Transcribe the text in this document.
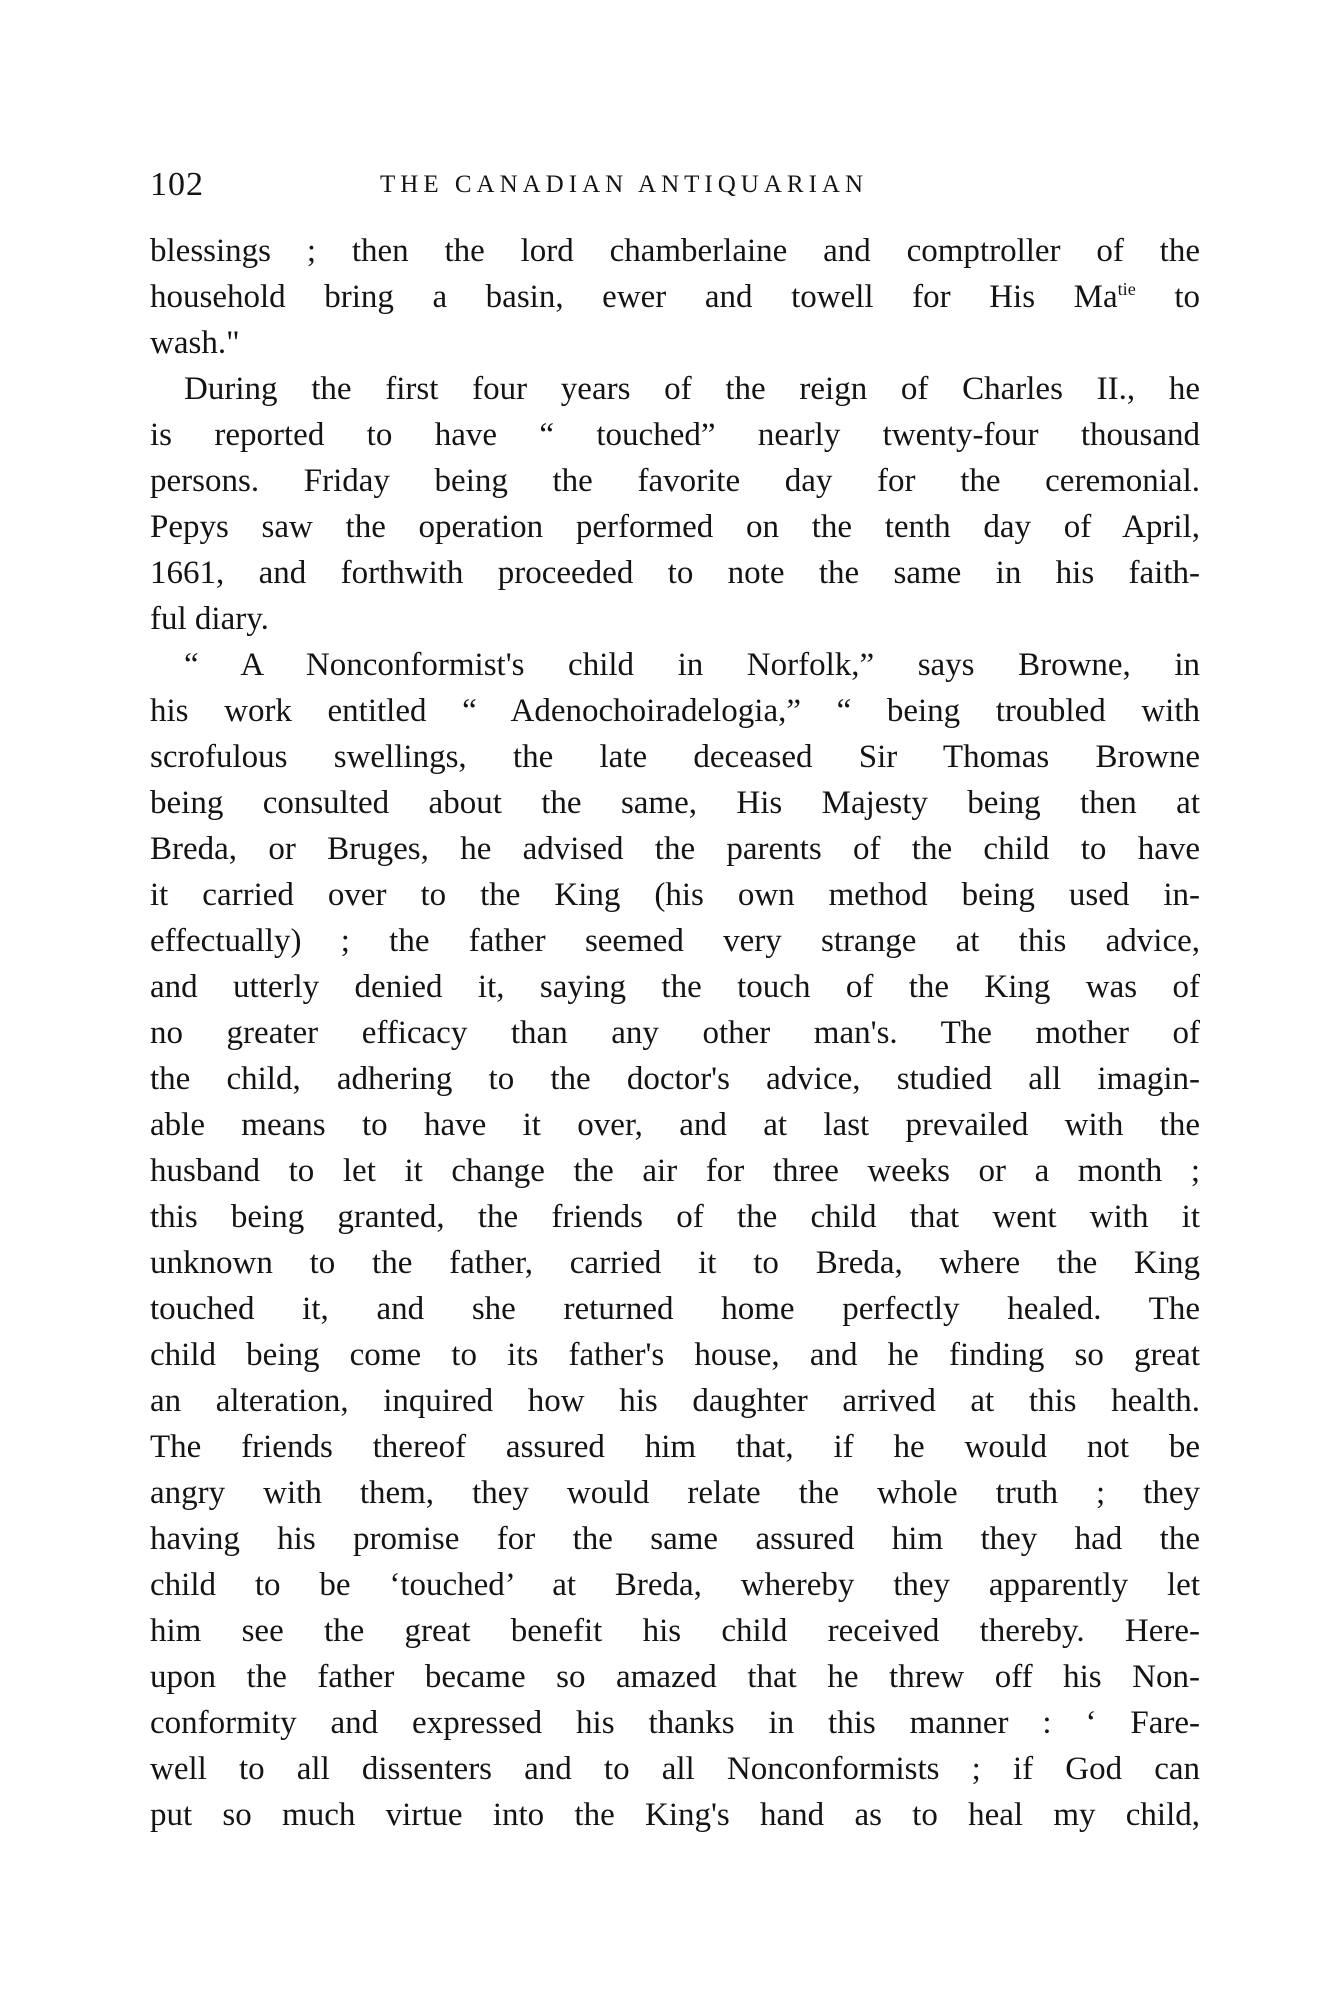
102	THE CANADIAN ANTIQUARIAN
blessings ; then the lord chamberlaine and comptroller of the
household bring a basin, ewer and towell for His $Ma^{tie}$ to
wash."
During the first four years of the reign of Charles II., he
is reported to have “ touched” nearly twenty-four thousand
persons. Friday being the favorite day for the ceremonial.
Pepys saw the operation performed on the tenth day of April,
1661, and forthwith proceeded to note the same in his faith-
ful diary.
“ A Nonconformist's child in Norfolk,” says Browne, in
his work entitled “ Adenochoiradelogia,” “ being troubled with
scrofulous swellings, the late deceased Sir Thomas Browne
being consulted about the same, His Majesty being then at
Breda, or Bruges, he advised the parents of the child to have
it carried over to the King (his own method being used in-
effectually) ; the father seemed very strange at this advice,
and utterly denied it, saying the touch of the King was of
no greater efficacy than any other man's. The mother of
the child, adhering to the doctor's advice, studied all imagin-
able means to have it over, and at last prevailed with the
husband to let it change the air for three weeks or a month ;
this being granted, the friends of the child that went with it
unknown to the father, carried it to Breda, where the King
touched it, and she returned home perfectly healed. The
child being come to its father's house, and he finding so great
an alteration, inquired how his daughter arrived at this health.
The friends thereof assured him that, if he would not be
angry with them, they would relate the whole truth ; they
having his promise for the same assured him they had the
child to be ‘touched’ at Breda, whereby they apparently let
him see the great benefit his child received thereby. Here-
upon the father became so amazed that he threw off his Non-
conformity and expressed his thanks in this manner : ‘ Fare-
well to all dissenters and to all Nonconformists ; if God can
put so much virtue into the King's hand as to heal my child,
